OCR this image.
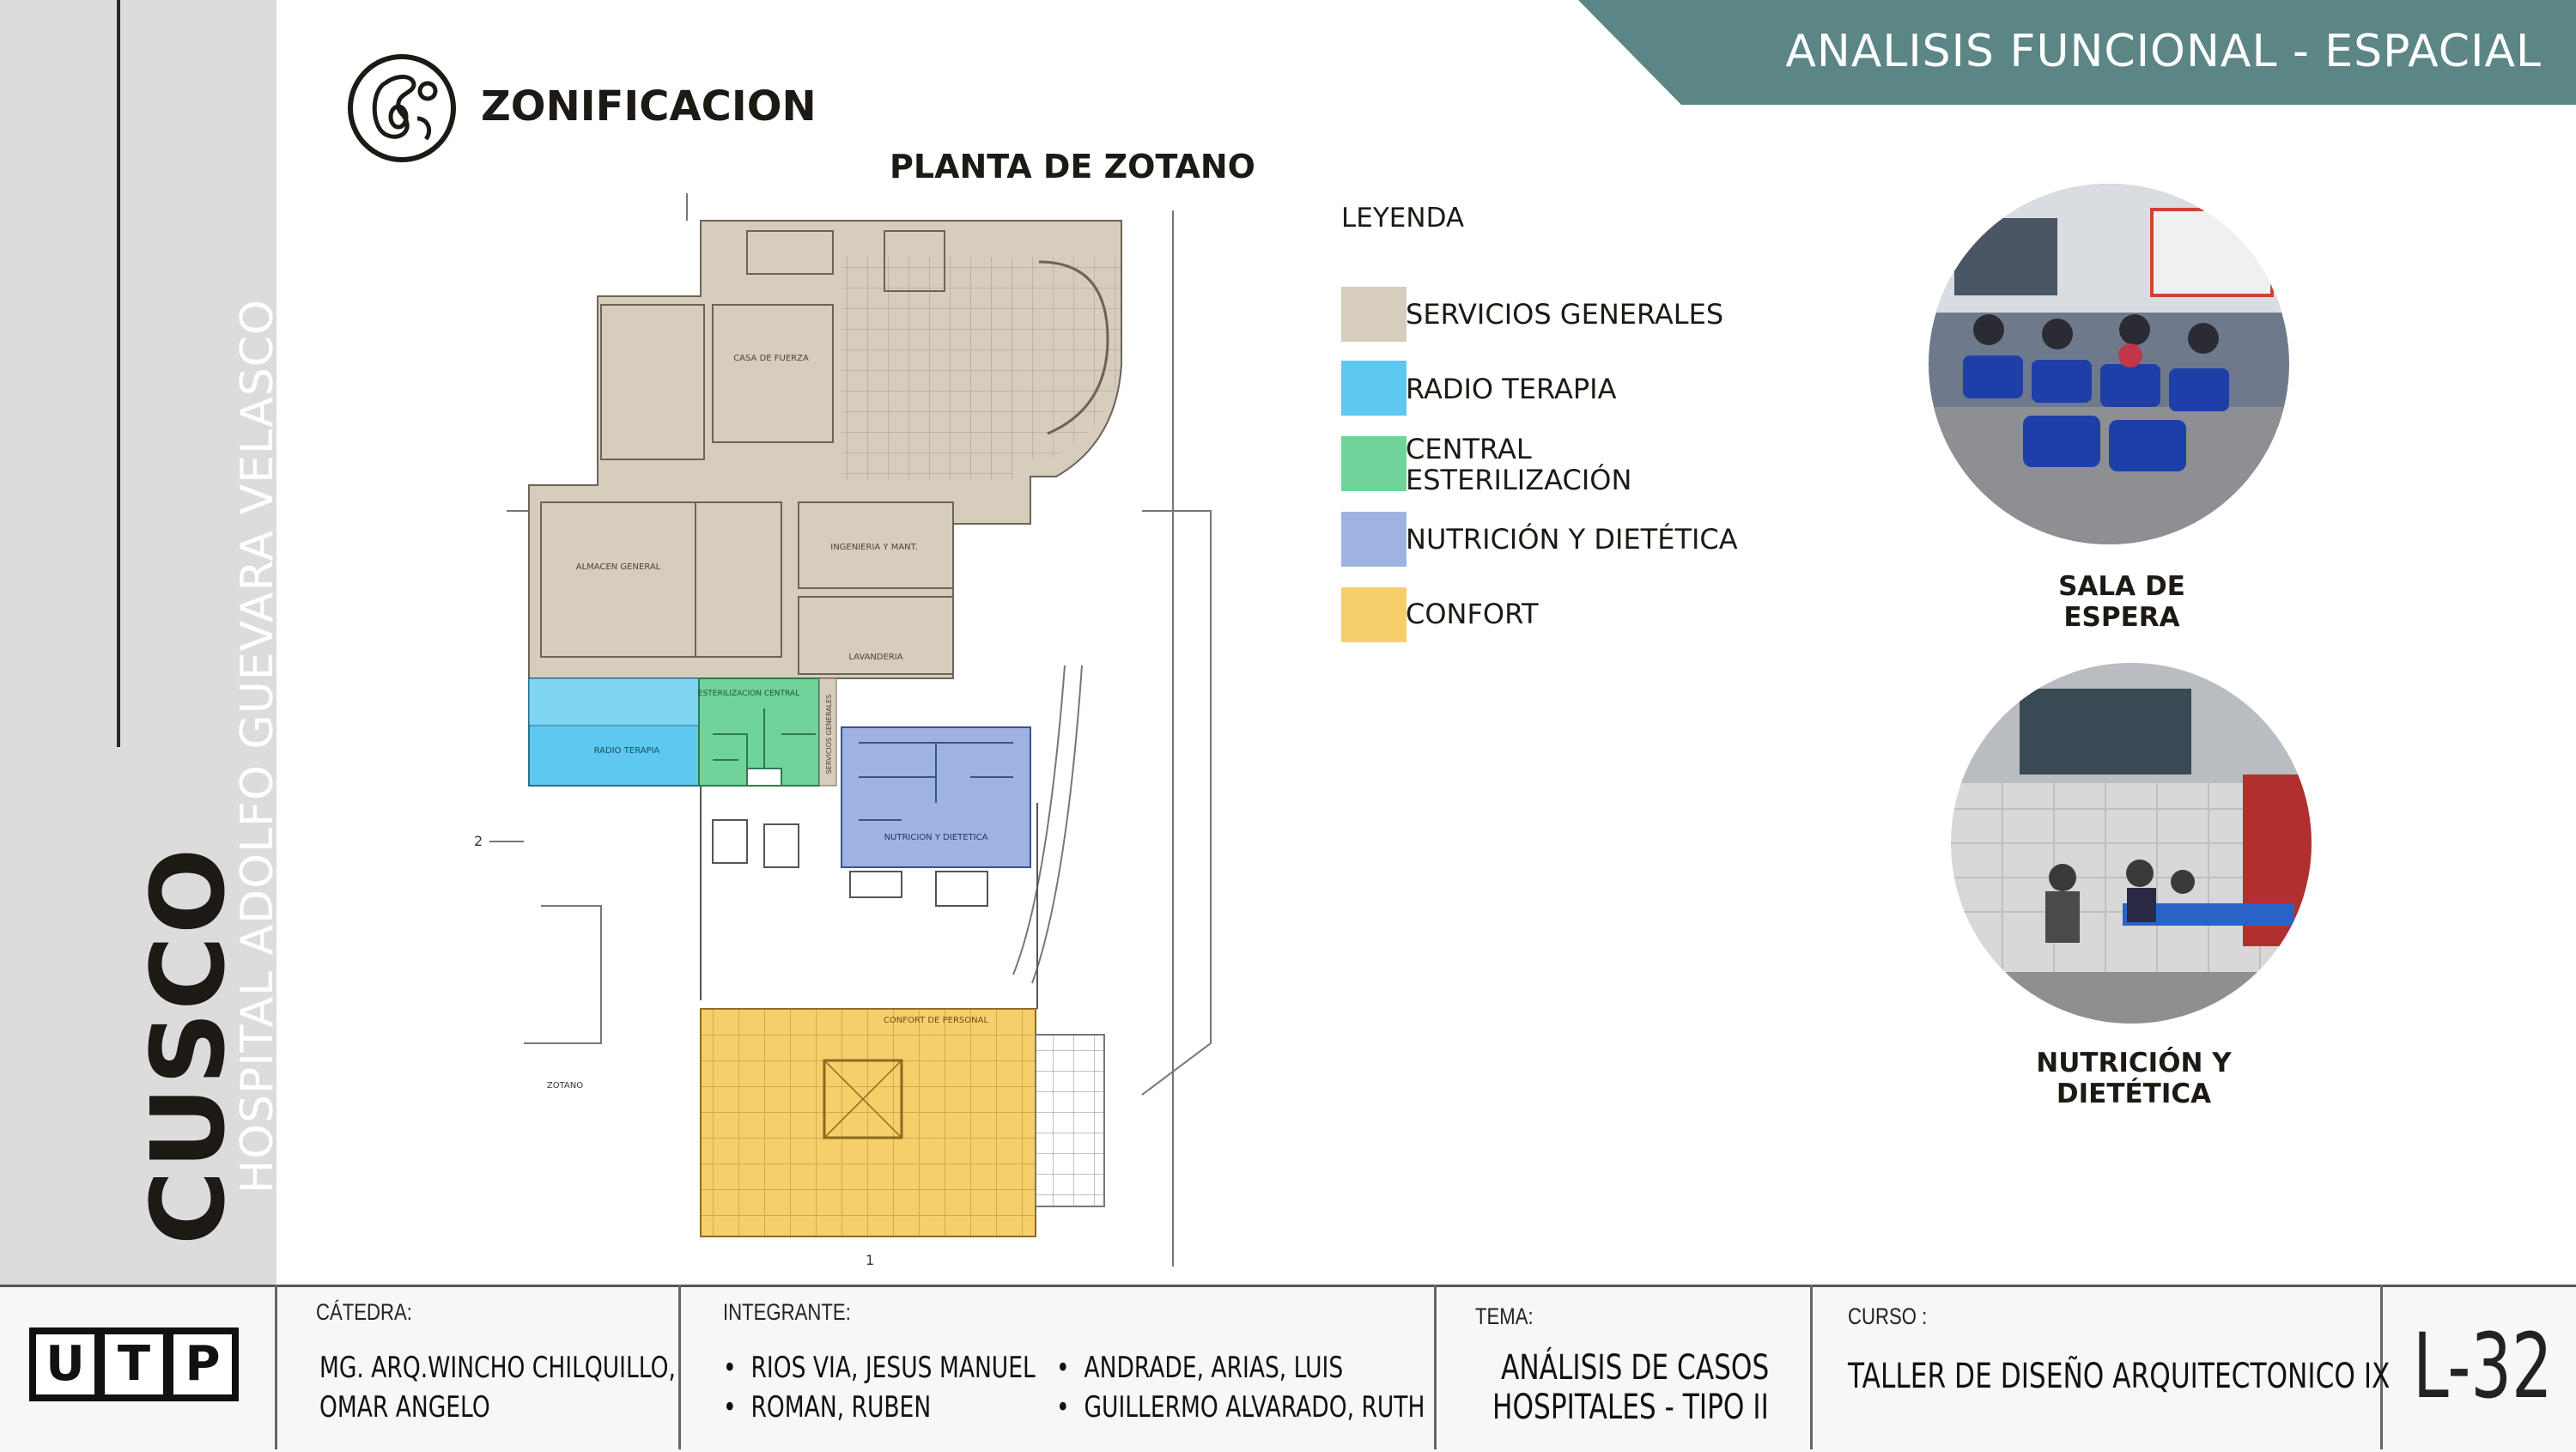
CUSCO
HOSPITAL ADOLFO GUEVARA VELASCO
ANALISIS FUNCIONAL - ESPACIAL
ZONIFICACION
PLANTA DE ZOTANO
2
1
CASA DE FUERZA
ALMACEN GENERAL
INGENIERIA Y MANT.
LAVANDERIA
RADIO TERAPIA
ESTERILIZACION CENTRAL
SERVICIOS GENERALES
NUTRICION Y DIETETICA
CONFORT DE PERSONAL
ZOTANO
LEYENDA
SERVICIOS GENERALES
RADIO TERAPIA
CENTRAL ESTERILIZACIÓN
NUTRICIÓN Y DIETÉTICA
CONFORT
SALA DE
ESPERA
NUTRICIÓN Y
DIETÉTICA
U T P
CÁTEDRA:
MG. ARQ.WINCHO CHILQUILLO,
OMAR ANGELO
INTEGRANTE:
•  RIOS VIA, JESUS MANUEL
•  ROMAN, RUBEN
•  ANDRADE, ARIAS, LUIS
•  GUILLERMO ALVARADO, RUTH
TEMA:
ANÁLISIS DE CASOS
HOSPITALES - TIPO II
CURSO :
TALLER DE DISEÑO ARQUITECTONICO IX L-32
